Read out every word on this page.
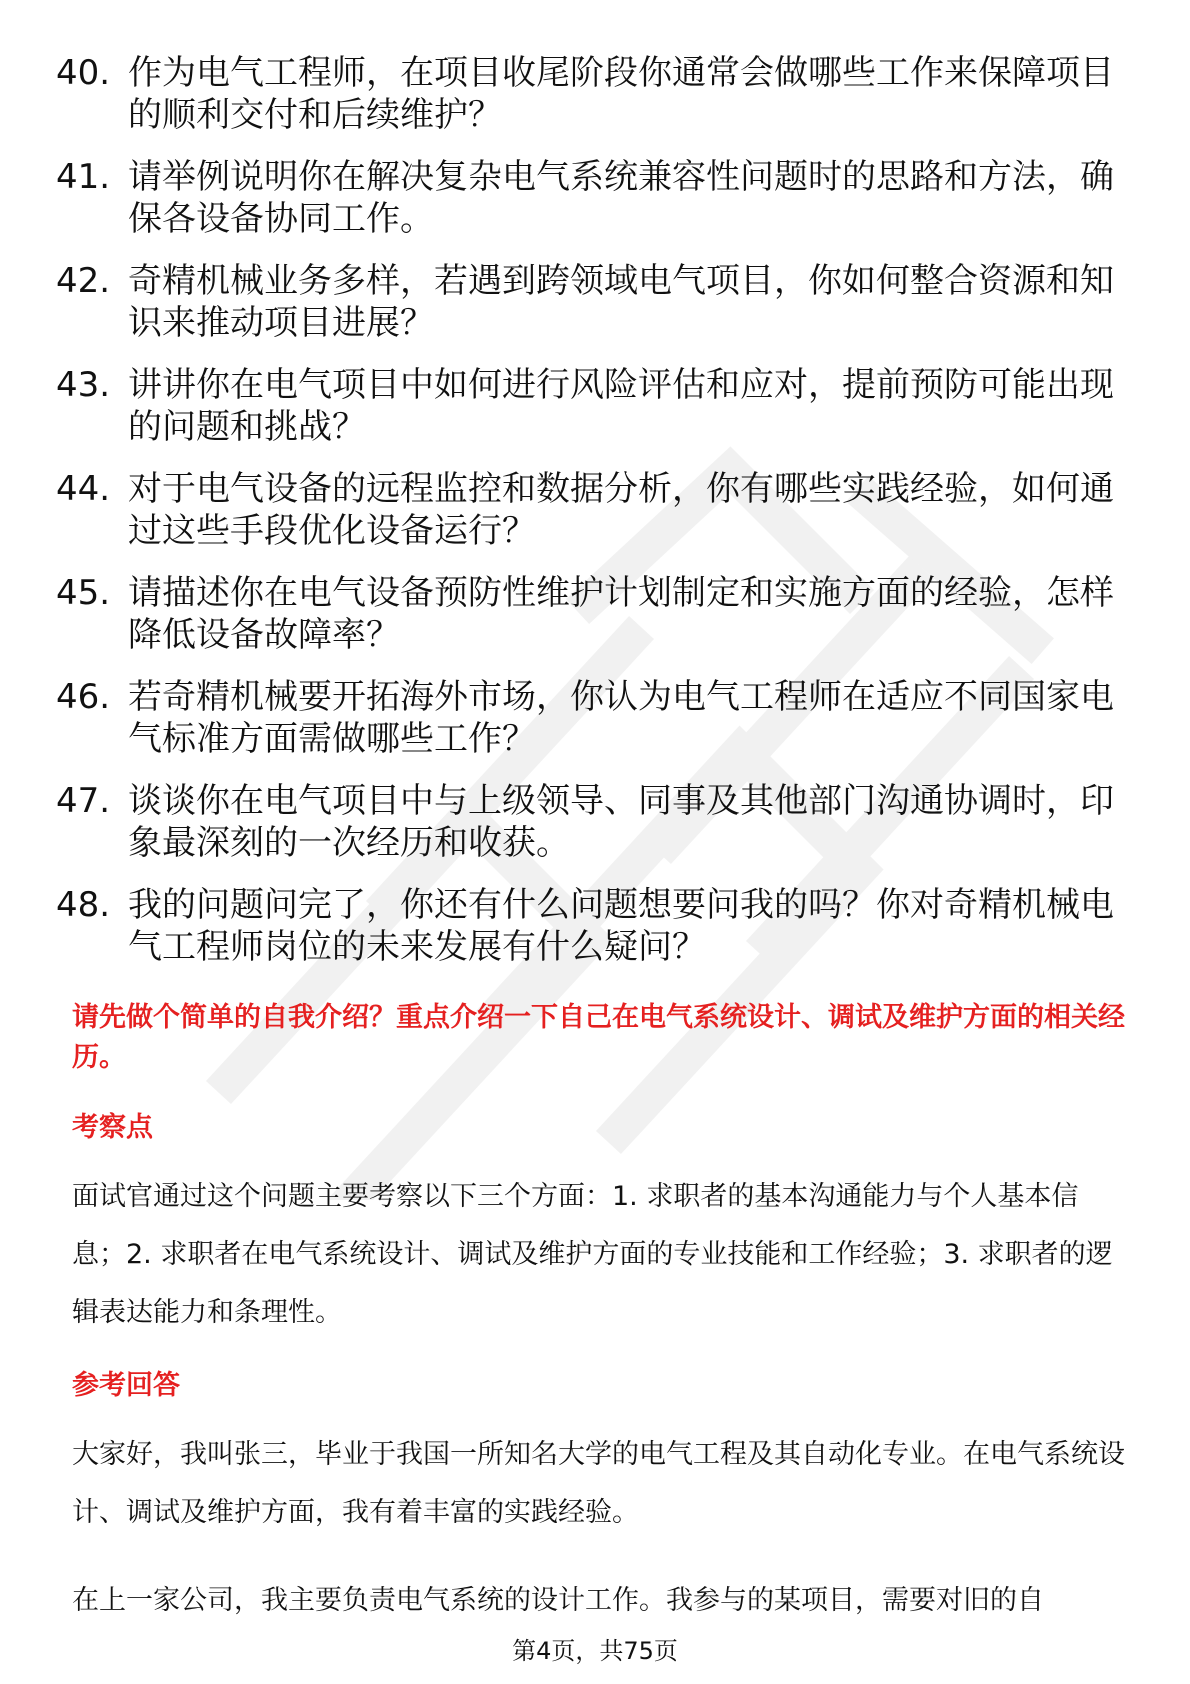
40. 作为电气工程师，在项目收尾阶段你通常会做哪些工作来保障项目的顺利交付和后续维护？
41. 请举例说明你在解决复杂电气系统兼容性问题时的思路和方法，确保各设备协同工作。
42. 奇精机械业务多样，若遇到跨领域电气项目，你如何整合资源和知识来推动项目进展？
43. 讲讲你在电气项目中如何进行风险评估和应对，提前预防可能出现的问题和挑战？
44. 对于电气设备的远程监控和数据分析，你有哪些实践经验，如何通过这些手段优化设备运行？
45. 请描述你在电气设备预防性维护计划制定和实施方面的经验，怎样降低设备故障率？
46. 若奇精机械要开拓海外市场，你认为电气工程师在适应不同国家电气标准方面需做哪些工作？
47. 谈谈你在电气项目中与上级领导、同事及其他部门沟通协调时，印象最深刻的一次经历和收获。
48. 我的问题问完了，你还有什么问题想要问我的吗？你对奇精机械电气工程师岗位的未来发展有什么疑问？
请先做个简单的自我介绍？重点介绍一下自己在电气系统设计、调试及维护方面的相关经历。
考察点
面试官通过这个问题主要考察以下三个方面：1. 求职者的基本沟通能力与个人基本信息；2. 求职者在电气系统设计、调试及维护方面的专业技能和工作经验；3. 求职者的逻辑表达能力和条理性。
参考回答
大家好，我叫张三，毕业于我国一所知名大学的电气工程及其自动化专业。在电气系统设计、调试及维护方面，我有着丰富的实践经验。
在上一家公司，我主要负责电气系统的设计工作。我参与的某项目，需要对旧的自
第4页，共75页
